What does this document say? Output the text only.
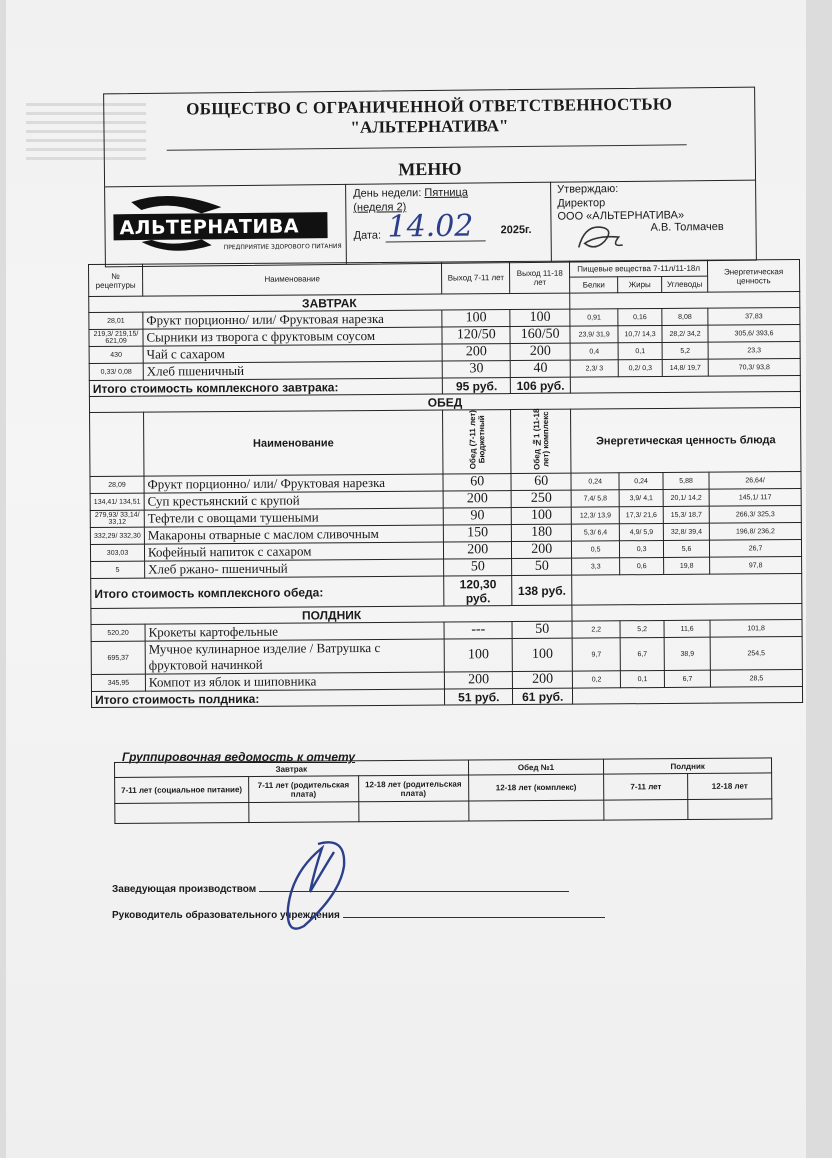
ОБЩЕСТВО С ОГРАНИЧЕННОЙ ОТВЕТСТВЕННОСТЬЮ
"АЛЬТЕРНАТИВА"
МЕНЮ
АЛЬТЕРНАТИВА
ПРЕДПРИЯТИЕ ЗДОРОВОГО ПИТАНИЯ
День недели: Пятница
(неделя 2)
Дата: 14.02 2025г.
Утверждаю:
Директор
ООО «АЛЬТЕРНАТИВА»
А.В. Толмачев
№ рецептуры	Наименование	Выход 7-11 лет	Выход 11-18 лет	Пищевые вещества 7-11л/11-18л			Энергетическая ценность
				Белки	Жиры	Углеводы	
ЗАВТРАК							
28,01	Фрукт порционно/ или/ Фруктовая нарезка	100	100	0,91	0,16	8,08	37,83
219,3/ 219,15/ 621,09	Сырники из творога с фруктовым соусом	120/50	160/50	23,9/ 31,9	10,7/ 14,3	28,2/ 34,2	305,6/ 393,6
430	Чай с сахаром	200	200	0,4	0,1	5,2	23,3
0,33/ 0,08	Хлеб пшеничный	30	40	2,3/ 3	0,2/ 0,3	14,8/ 19,7	70,3/ 93,8
Итого стоимость комплексного завтрака:		95 руб.	106 руб.				
ОБЕД							
	Наименование	Обед (7-11 лет) Бюджетный	Обед №1 (11-18 лет) комплекс	Энергетическая ценность блюда			
28,09	Фрукт порционно/ или/ Фруктовая нарезка	60	60	0,24	0,24	5,88	26,64/
134,41/ 134,51	Суп крестьянский с крупой	200	250	7,4/ 5,8	3,9/ 4,1	20,1/ 14,2	145,1/ 117
279,93/ 33,14/ 33,12	Тефтели с овощами тушеными	90	100	12,3/ 13,9	17,3/ 21,6	15,3/ 18,7	266,3/ 325,3
332,29/ 332,30	Макароны отварные с маслом сливочным	150	180	5,3/ 6,4	4,9/ 5,9	32,8/ 39,4	196,8/ 236,2
303,03	Кофейный напиток с сахаром	200	200	0,5	0,3	5,6	26,7
5	Хлеб ржано- пшеничный	50	50	3,3	0,6	19,8	97,8
Итого стоимость комплексного обеда:		120,30 руб.	138 руб.				
ПОЛДНИК							
520,20	Крокеты картофельные	---	50	2,2	5,2	11,6	101,8
695,37	Мучное кулинарное изделие / Ватрушка с фруктовой начинкой	100	100	9,7	6,7	38,9	254,5
345,95	Компот из яблок и шиповника	200	200	0,2	0,1	6,7	28,5
Итого стоимость полдника:		51 руб.	61 руб.				
Группировочная ведомость к отчету
Завтрак			Обед №1	Полдник	
7-11 лет (социальное питание)	7-11 лет (родительская плата)	12-18 лет (родительская плата)	12-18 лет (комплекс)	7-11 лет	12-18 лет

Заведующая производством
Руководитель образовательного учреждения
